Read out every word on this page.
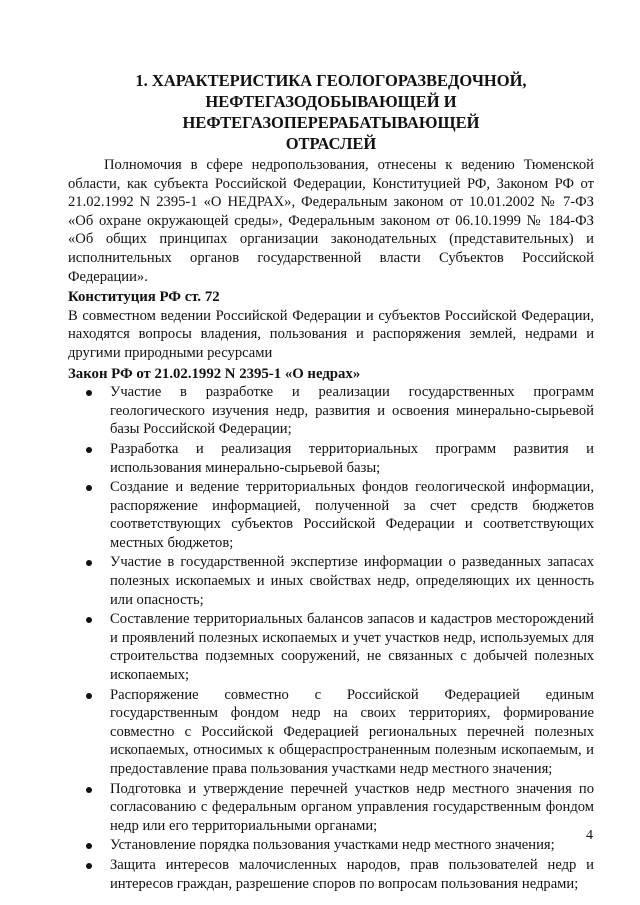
1. ХАРАКТЕРИСТИКА ГЕОЛОГОРАЗВЕДОЧНОЙ,
НЕФТЕГАЗОДОБЫВАЮЩЕЙ И НЕФТЕГАЗОПЕРЕРАБАТЫВАЮЩЕЙ
ОТРАСЛЕЙ

Полномочия в сфере недропользования, отнесены к ведению Тюменской области, как субъекта Российской Федерации, Конституцией РФ, Законом РФ от 21.02.1992 N 2395-1 «О НЕДРАХ», Федеральным законом от 10.01.2002 № 7-ФЗ «Об охране окружающей среды», Федеральным законом от 06.10.1999 № 184-ФЗ «Об общих принципах организации законодательных (представительных) и исполнительных органов государственной власти Субъектов Российской Федерации».

Конституция РФ ст. 72

В совместном ведении Российской Федерации и субъектов Российской Федерации, находятся вопросы владения, пользования и распоряжения землей, недрами и другими природными ресурсами

Закон РФ от 21.02.1992 N 2395-1 «О недрах»
Участие в разработке и реализации государственных программ геологического изучения недр, развития и освоения минерально-сырьевой базы Российской Федерации;
Разработка и реализация территориальных программ развития и использования минерально-сырьевой базы;
Создание и ведение территориальных фондов геологической информации, распоряжение информацией, полученной за счет средств бюджетов соответствующих субъектов Российской Федерации и соответствующих местных бюджетов;
Участие в государственной экспертизе информации о разведанных запасах полезных ископаемых и иных свойствах недр, определяющих их ценность или опасность;
Составление территориальных балансов запасов и кадастров месторождений и проявлений полезных ископаемых и учет участков недр, используемых для строительства подземных сооружений, не связанных с добычей полезных ископаемых;
Распоряжение совместно с Российской Федерацией единым государственным фондом недр на своих территориях, формирование совместно с Российской Федерацией региональных перечней полезных ископаемых, относимых к общераспространенным полезным ископаемым, и предоставление права пользования участками недр местного значения;
Подготовка и утверждение перечней участков недр местного значения по согласованию с федеральным органом управления государственным фондом недр или его территориальными органами;
Установление порядка пользования участками недр местного значения;
Защита интересов малочисленных народов, прав пользователей недр и интересов граждан, разрешение споров по вопросам пользования недрами;
4
